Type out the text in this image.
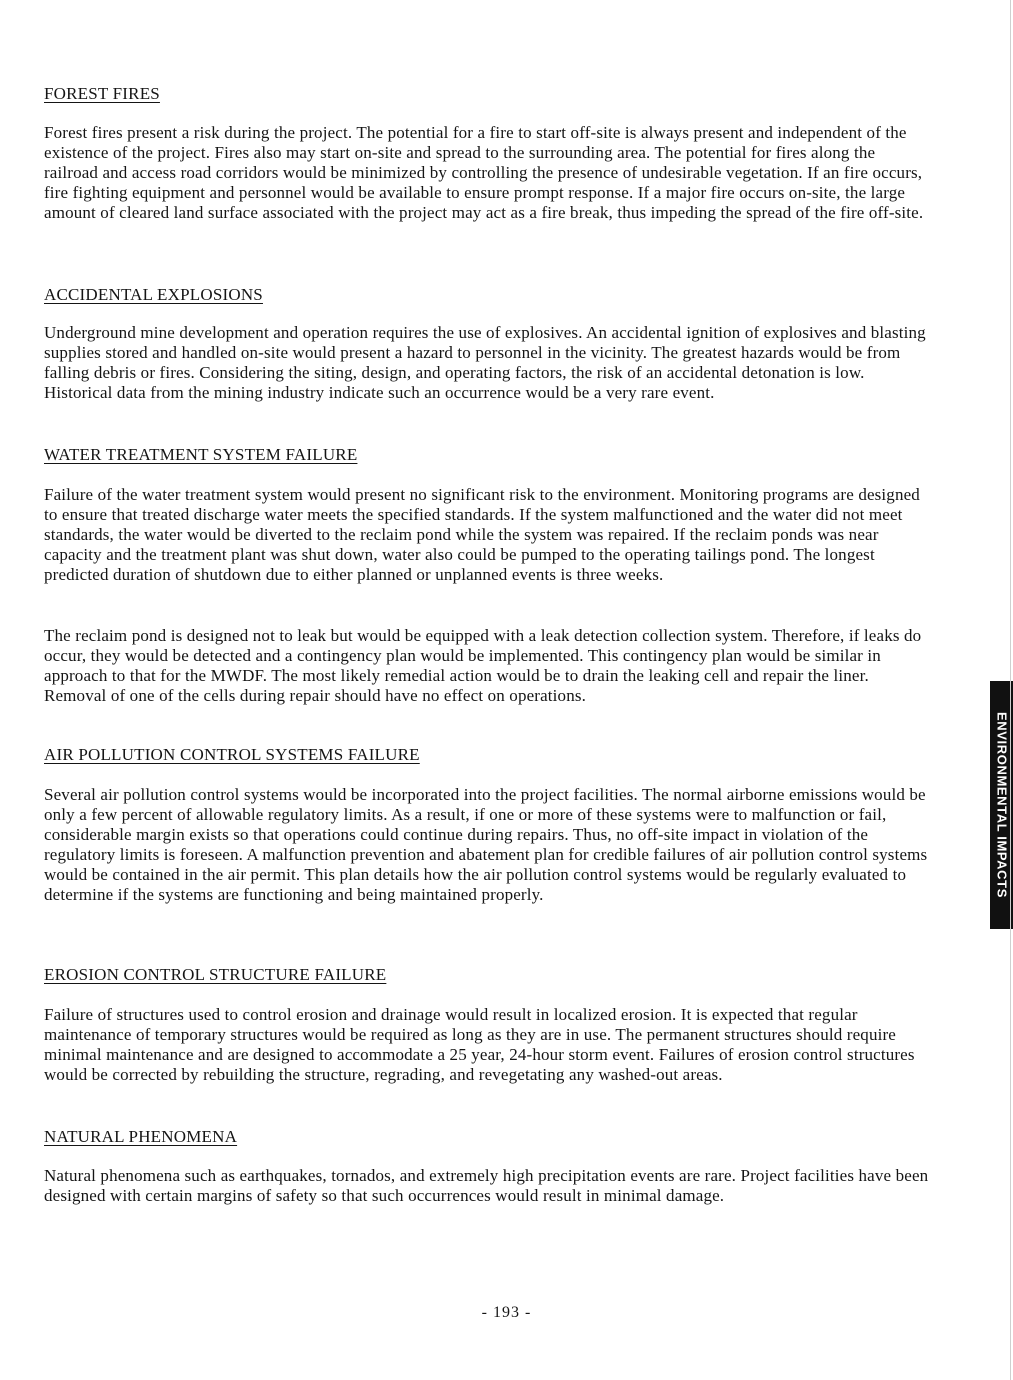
FOREST FIRES
Forest fires present a risk during the project. The potential for a fire to start off-site is always present and independent of the existence of the project. Fires also may start on-site and spread to the surrounding area. The potential for fires along the railroad and access road corridors would be minimized by controlling the presence of undesirable vegetation. If an fire occurs, fire fighting equipment and personnel would be available to ensure prompt response. If a major fire occurs on-site, the large amount of cleared land surface associated with the project may act as a fire break, thus impeding the spread of the fire off-site.
ACCIDENTAL EXPLOSIONS
Underground mine development and operation requires the use of explosives. An accidental ignition of explosives and blasting supplies stored and handled on-site would present a hazard to personnel in the vicinity. The greatest hazards would be from falling debris or fires. Considering the siting, design, and operating factors, the risk of an accidental detonation is low. Historical data from the mining industry indicate such an occurrence would be a very rare event.
WATER TREATMENT SYSTEM FAILURE
Failure of the water treatment system would present no significant risk to the environment. Monitoring programs are designed to ensure that treated discharge water meets the specified standards. If the system malfunctioned and the water did not meet standards, the water would be diverted to the reclaim pond while the system was repaired. If the reclaim ponds was near capacity and the treatment plant was shut down, water also could be pumped to the operating tailings pond. The longest predicted duration of shutdown due to either planned or unplanned events is three weeks.
The reclaim pond is designed not to leak but would be equipped with a leak detection collection system. Therefore, if leaks do occur, they would be detected and a contingency plan would be implemented. This contingency plan would be similar in approach to that for the MWDF. The most likely remedial action would be to drain the leaking cell and repair the liner. Removal of one of the cells during repair should have no effect on operations.
AIR POLLUTION CONTROL SYSTEMS FAILURE
Several air pollution control systems would be incorporated into the project facilities. The normal airborne emissions would be only a few percent of allowable regulatory limits. As a result, if one or more of these systems were to malfunction or fail, considerable margin exists so that operations could continue during repairs. Thus, no off-site impact in violation of the regulatory limits is foreseen. A malfunction prevention and abatement plan for credible failures of air pollution control systems would be contained in the air permit. This plan details how the air pollution control systems would be regularly evaluated to determine if the systems are functioning and being maintained properly.
EROSION CONTROL STRUCTURE FAILURE
Failure of structures used to control erosion and drainage would result in localized erosion. It is expected that regular maintenance of temporary structures would be required as long as they are in use. The permanent structures should require minimal maintenance and are designed to accommodate a 25 year, 24-hour storm event. Failures of erosion control structures would be corrected by rebuilding the structure, regrading, and revegetating any washed-out areas.
NATURAL PHENOMENA
Natural phenomena such as earthquakes, tornados, and extremely high precipitation events are rare. Project facilities have been designed with certain margins of safety so that such occurrences would result in minimal damage.
- 193 -
ENVIRONMENTAL IMPACTS
